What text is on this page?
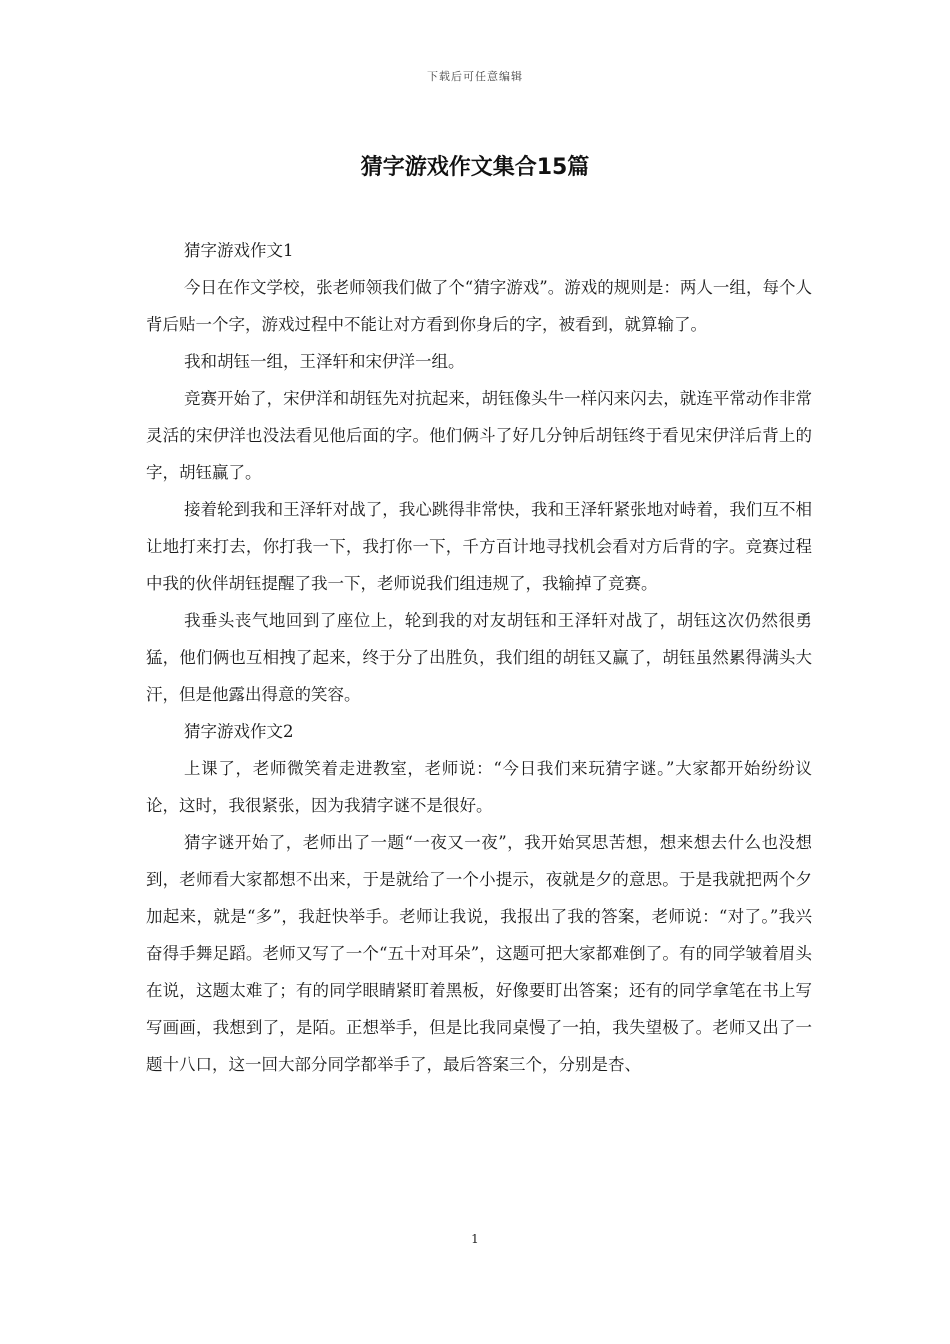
下载后可任意编辑
猜字游戏作文集合15篇

猜字游戏作文1

今日在作文学校，张老师领我们做了个“猜字游戏”。游戏的规则是：两人一组，每个人背后贴一个字，游戏过程中不能让对方看到你身后的字，被看到，就算输了。

我和胡钰一组，王泽轩和宋伊洋一组。

竞赛开始了，宋伊洋和胡钰先对抗起来，胡钰像头牛一样闪来闪去，就连平常动作非常灵活的宋伊洋也没法看见他后面的字。他们俩斗了好几分钟后胡钰终于看见宋伊洋后背上的字，胡钰赢了。

接着轮到我和王泽轩对战了，我心跳得非常快，我和王泽轩紧张地对峙着，我们互不相让地打来打去，你打我一下，我打你一下，千方百计地寻找机会看对方后背的字。竞赛过程中我的伙伴胡钰提醒了我一下，老师说我们组违规了，我输掉了竞赛。

我垂头丧气地回到了座位上，轮到我的对友胡钰和王泽轩对战了，胡钰这次仍然很勇猛，他们俩也互相拽了起来，终于分了出胜负，我们组的胡钰又赢了，胡钰虽然累得满头大汗，但是他露出得意的笑容。

猜字游戏作文2

上课了，老师微笑着走进教室，老师说：“今日我们来玩猜字谜。”大家都开始纷纷议论，这时，我很紧张，因为我猜字谜不是很好。

猜字谜开始了，老师出了一题“一夜又一夜”，我开始冥思苦想，想来想去什么也没想到，老师看大家都想不出来，于是就给了一个小提示，夜就是夕的意思。于是我就把两个夕加起来，就是“多”，我赶快举手。老师让我说，我报出了我的答案，老师说：“对了。”我兴奋得手舞足蹈。老师又写了一个“五十对耳朵”，这题可把大家都难倒了。有的同学皱着眉头在说，这题太难了；有的同学眼睛紧盯着黑板，好像要盯出答案；还有的同学拿笔在书上写写画画，我想到了，是陌。正想举手，但是比我同桌慢了一拍，我失望极了。老师又出了一题十八口，这一回大部分同学都举手了，最后答案三个，分别是杏、

1
